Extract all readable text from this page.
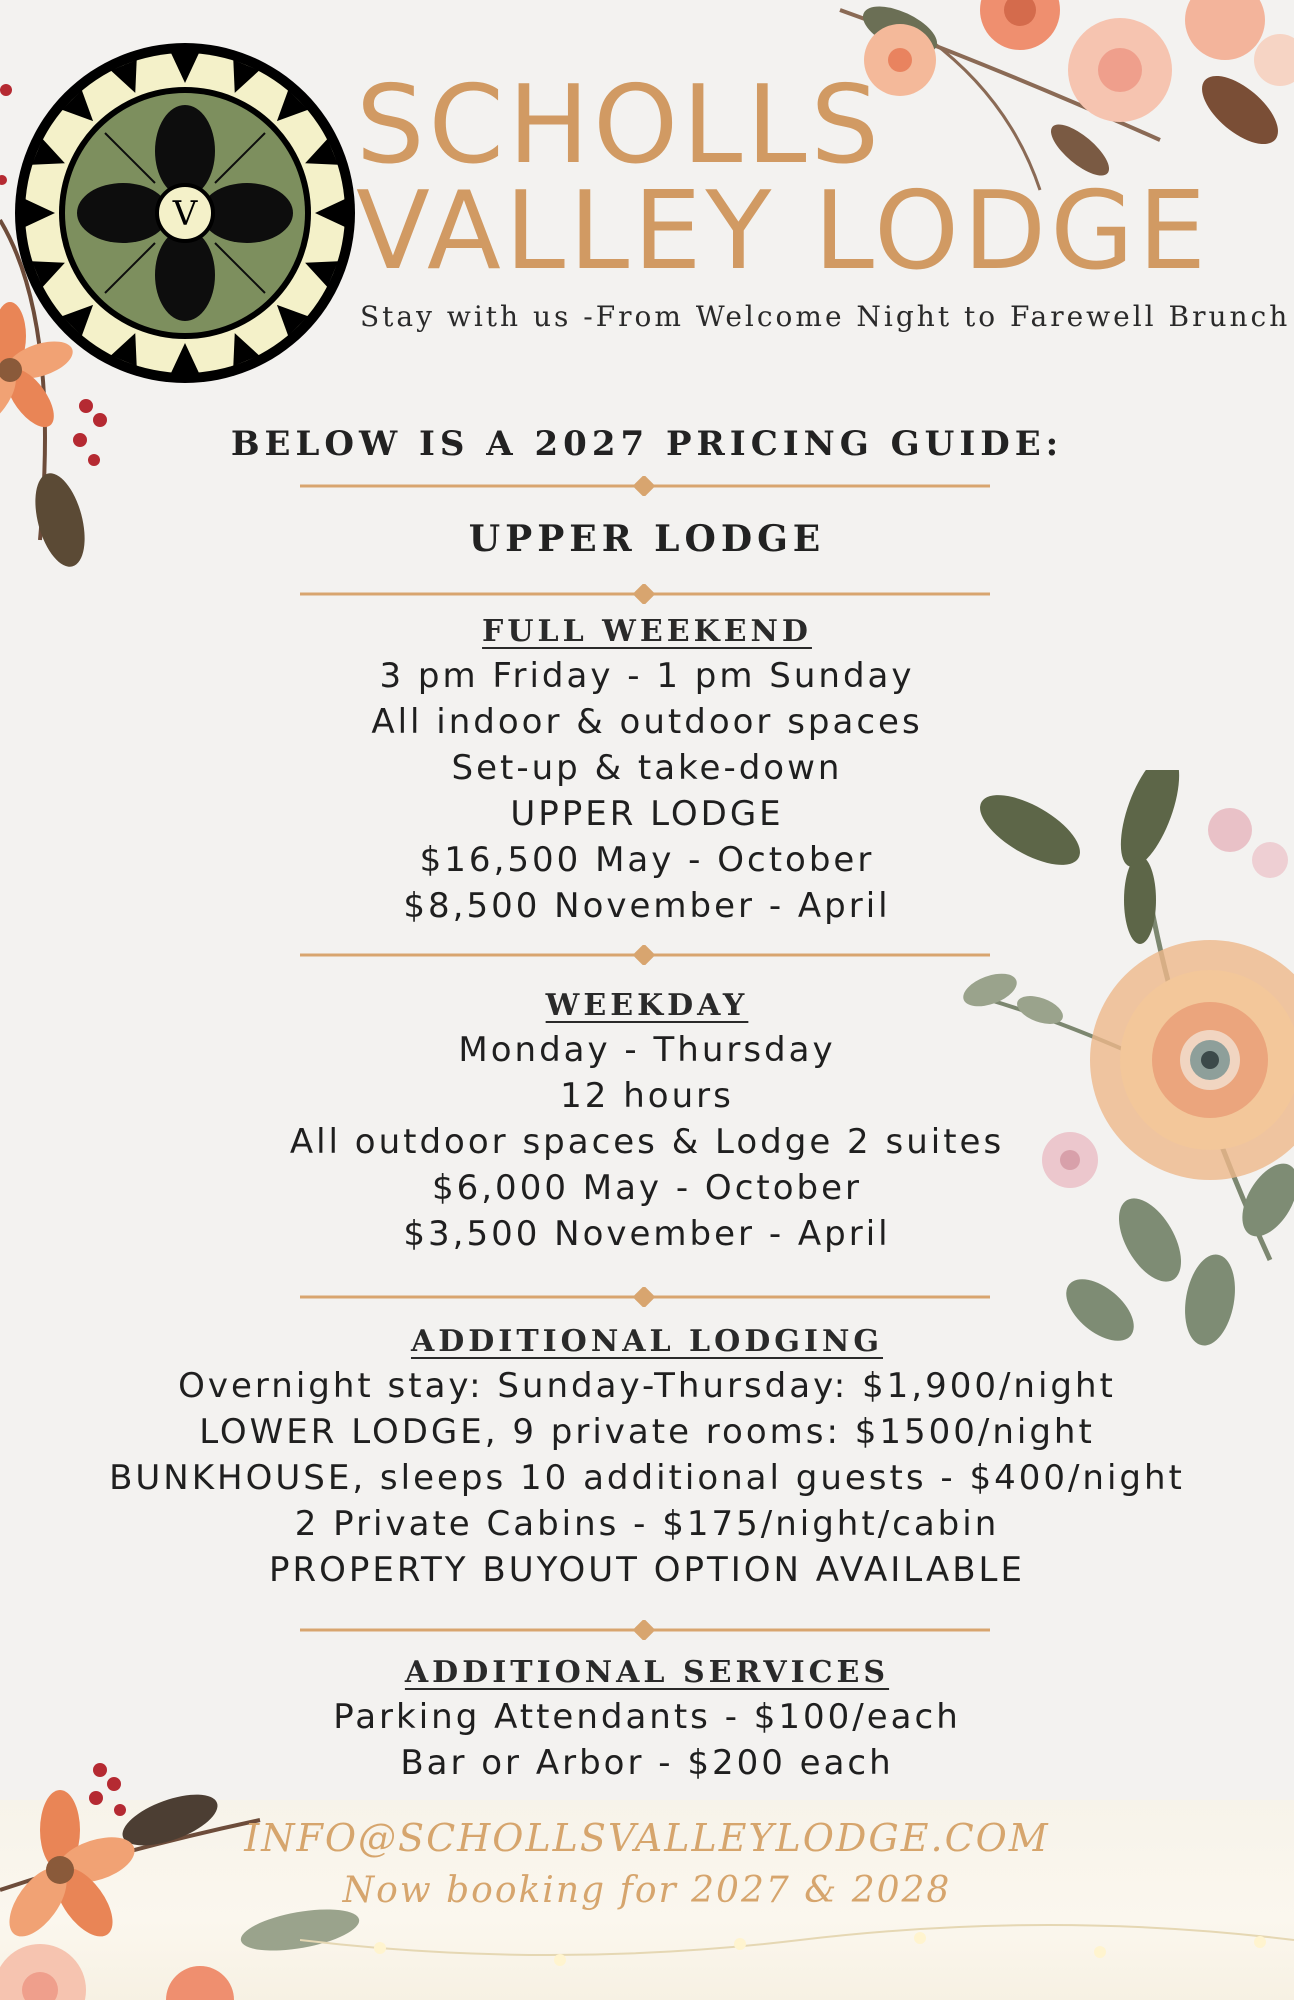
V
SCHOLLS
VALLEY LODGE
Stay with us -From Welcome Night to Farewell Brunch
BELOW IS A 2027 PRICING GUIDE:
UPPER LODGE
FULL WEEKEND
3 pm Friday - 1 pm Sunday
All indoor & outdoor spaces
Set-up & take-down
UPPER LODGE
$16,500 May - October
$8,500 November - April
WEEKDAY
Monday - Thursday
12 hours
All outdoor spaces & Lodge 2 suites
$6,000 May - October
$3,500 November - April
ADDITIONAL LODGING
Overnight stay: Sunday-Thursday: $1,900/night
LOWER LODGE, 9 private rooms: $1500/night
BUNKHOUSE, sleeps 10 additional guests - $400/night
2 Private Cabins - $175/night/cabin
PROPERTY BUYOUT OPTION AVAILABLE
ADDITIONAL SERVICES
Parking Attendants - $100/each
Bar or Arbor - $200 each
INFO@SCHOLLSVALLEYLODGE.COM
Now booking for 2027 & 2028
